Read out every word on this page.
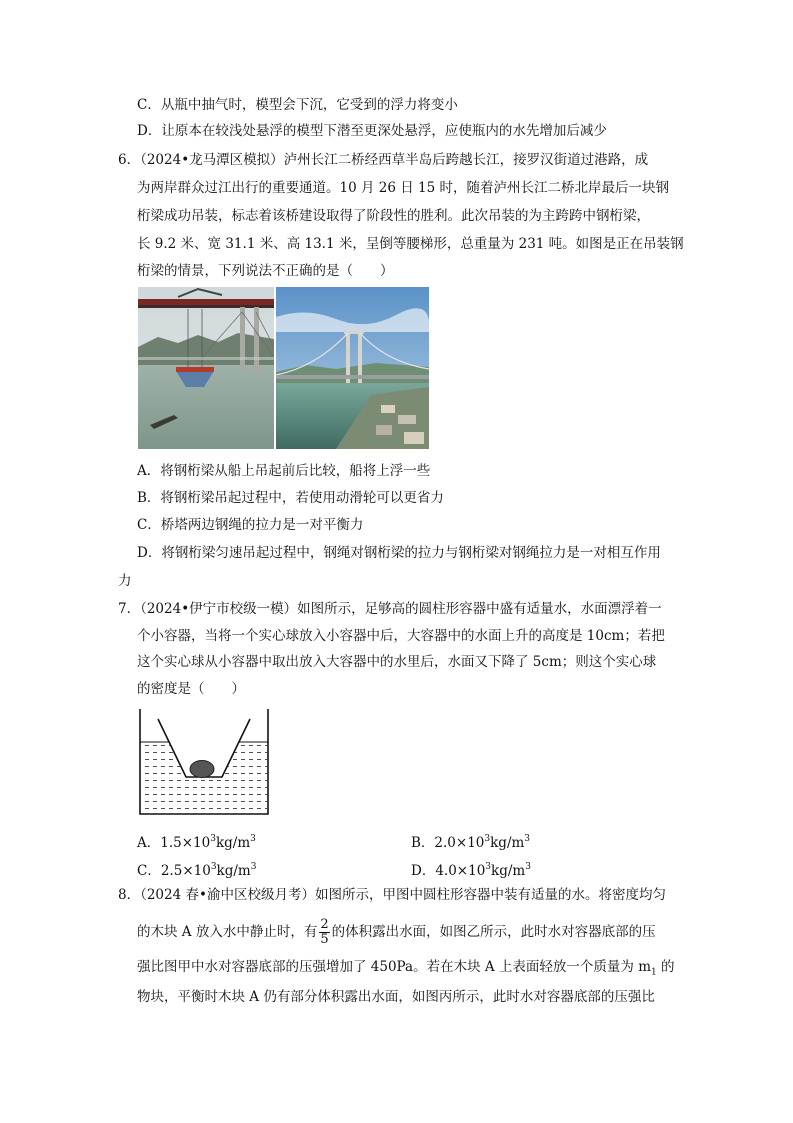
C．从瓶中抽气时，模型会下沉，它受到的浮力将变小
D．让原本在较浅处悬浮的模型下潜至更深处悬浮，应使瓶内的水先增加后减少
6．（2024•龙马潭区模拟）泸州长江二桥经西草半岛后跨越长江，接罗汉街道过港路，成
为两岸群众过江出行的重要通道。10 月 26 日 15 时，随着泸州长江二桥北岸最后一块钢
桁梁成功吊装，标志着该桥建设取得了阶段性的胜利。此次吊装的为主跨跨中钢桁梁，
长 9.2 米、宽 31.1 米、高 13.1 米，呈倒等腰梯形，总重量为 231 吨。如图是正在吊装钢
桁梁的情景，下列说法不正确的是（　　）
A．将钢桁梁从船上吊起前后比较，船将上浮一些
B．将钢桁梁吊起过程中，若使用动滑轮可以更省力
C．桥塔两边钢绳的拉力是一对平衡力
D．将钢桁梁匀速吊起过程中，钢绳对钢桁梁的拉力与钢桁梁对钢绳拉力是一对相互作用
力
7．（2024•伊宁市校级一模）如图所示，足够高的圆柱形容器中盛有适量水，水面漂浮着一
个小容器，当将一个实心球放入小容器中后，大容器中的水面上升的高度是 10cm；若把
这个实心球从小容器中取出放入大容器中的水里后，水面又下降了 5cm；则这个实心球
的密度是（　　）
A．$1.5\times 10^3kg/m^3$	B．$2.0\times 10^3kg/m^3$
C．$2.5\times 10^3kg/m^3$	D．$4.0\times 10^3kg/m^3$
8．（2024 春•渝中区校级月考）如图所示，甲图中圆柱形容器中装有适量的水。将密度均匀
的木块 A 放入水中静止时，有 $\frac{2}{5}$ 的体积露出水面，如图乙所示，此时水对容器底部的压
强比图甲中水对容器底部的压强增加了 450Pa。若在木块 A 上表面轻放一个质量为 $m_1$ 的
物块，平衡时木块 A 仍有部分体积露出水面，如图丙所示，此时水对容器底部的压强比
